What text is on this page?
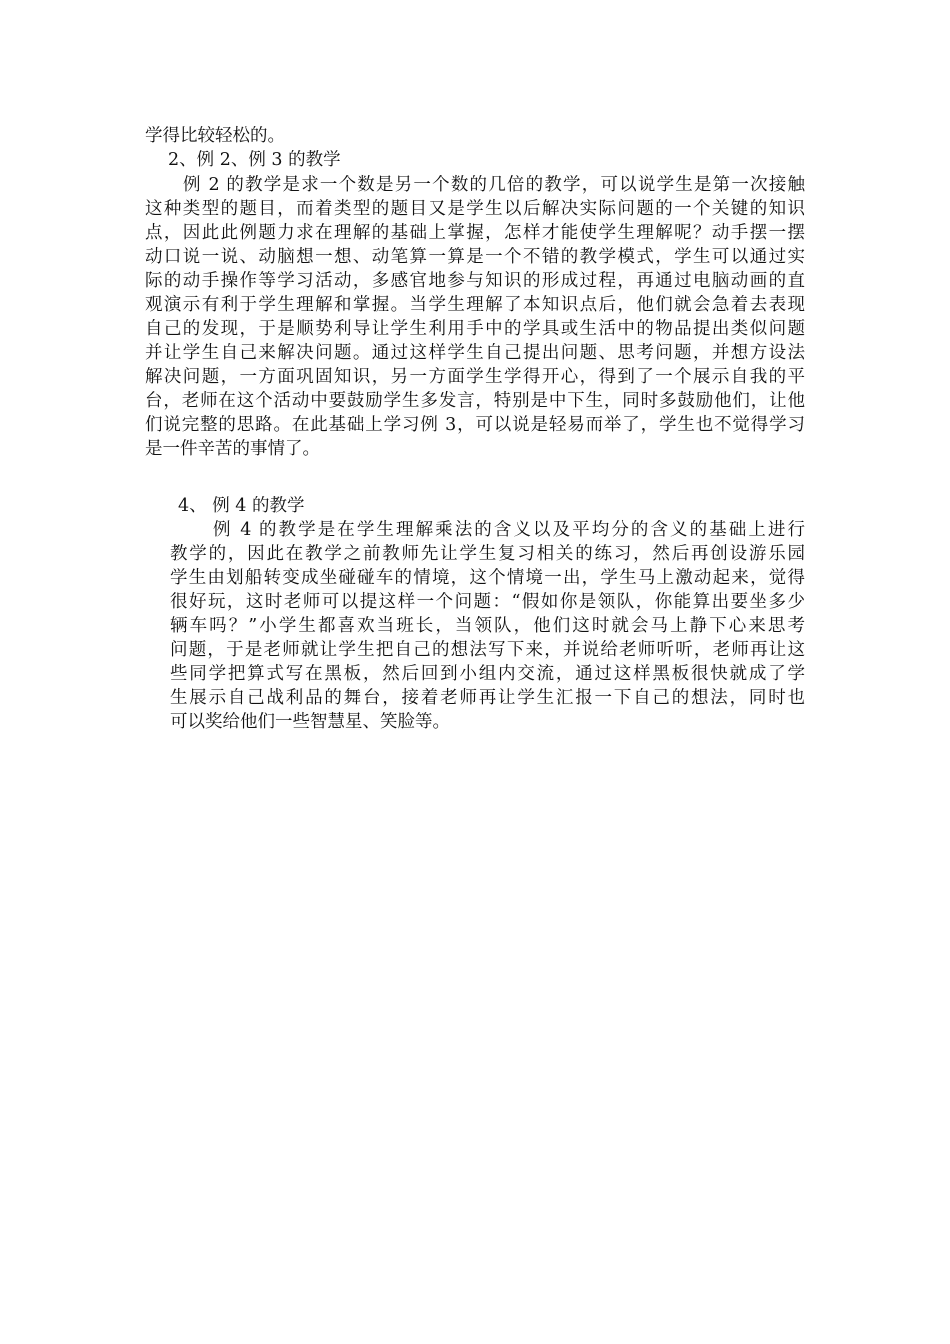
学得比较轻松的。
2、例 2、例 3 的教学
例 2 的教学是求一个数是另一个数的几倍的教学，可以说学生是第一次接触
这种类型的题目，而着类型的题目又是学生以后解决实际问题的一个关键的知识
点，因此此例题力求在理解的基础上掌握，怎样才能使学生理解呢？动手摆一摆
动口说一说、动脑想一想、动笔算一算是一个不错的教学模式，学生可以通过实
际的动手操作等学习活动，多感官地参与知识的形成过程，再通过电脑动画的直
观演示有利于学生理解和掌握。当学生理解了本知识点后，他们就会急着去表现
自己的发现，于是顺势利导让学生利用手中的学具或生活中的物品提出类似问题
并让学生自己来解决问题。通过这样学生自己提出问题、思考问题，并想方设法
解决问题，一方面巩固知识，另一方面学生学得开心，得到了一个展示自我的平
台，老师在这个活动中要鼓励学生多发言，特别是中下生，同时多鼓励他们，让他
们说完整的思路。在此基础上学习例 3，可以说是轻易而举了，学生也不觉得学习
是一件辛苦的事情了。
4、 例 4 的教学
例 4 的教学是在学生理解乘法的含义以及平均分的含义的基础上进行
教学的，因此在教学之前教师先让学生复习相关的练习，然后再创设游乐园
学生由划船转变成坐碰碰车的情境，这个情境一出，学生马上激动起来，觉得
很好玩，这时老师可以提这样一个问题：“假如你是领队，你能算出要坐多少
辆车吗？”小学生都喜欢当班长，当领队，他们这时就会马上静下心来思考
问题，于是老师就让学生把自己的想法写下来，并说给老师听听，老师再让这
些同学把算式写在黑板，然后回到小组内交流，通过这样黑板很快就成了学
生展示自己战利品的舞台，接着老师再让学生汇报一下自己的想法，同时也
可以奖给他们一些智慧星、笑脸等。
